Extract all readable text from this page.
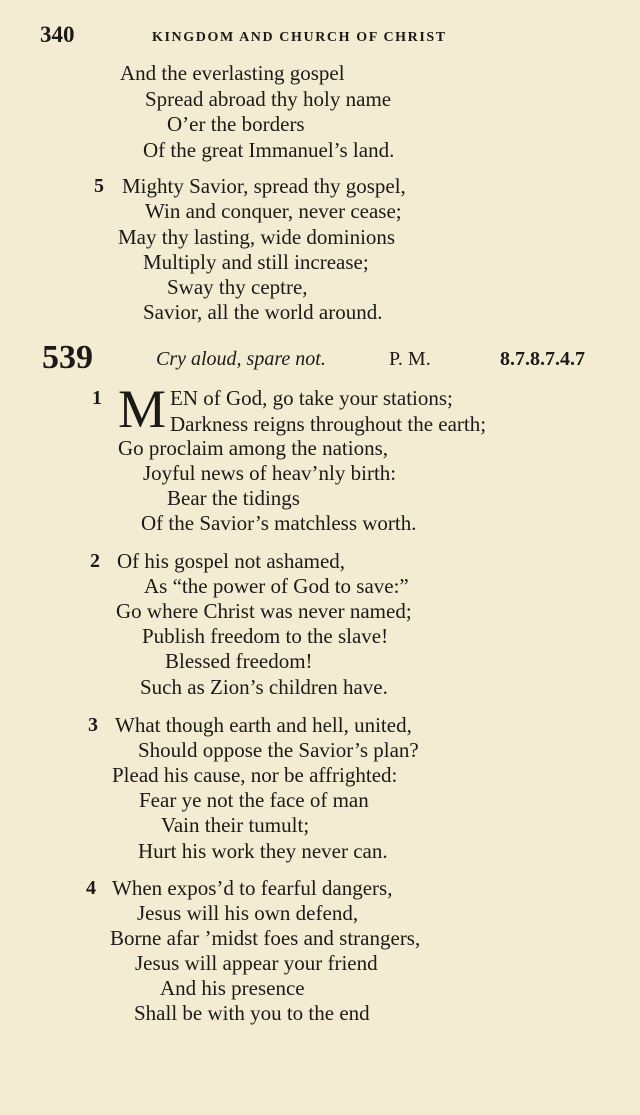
340	KINGDOM AND CHURCH OF CHRIST
And the everlasting gospel
Spread abroad thy holy name
O’er the borders
Of the great Immanuel’s land.
5 Mighty Savior, spread thy gospel,
Win and conquer, never cease;
May thy lasting, wide dominions
Multiply and still increase;
Sway thy ceptre,
Savior, all the world around.
539	Cry aloud, spare not.	P. M.	8.7.8.7.4.7
1 M EN of God, go take your stations;
Darkness reigns throughout the earth;
Go proclaim among the nations,
Joyful news of heav’nly birth:
Bear the tidings
Of the Savior’s matchless worth.
2 Of his gospel not ashamed,
As “the power of God to save:”
Go where Christ was never named;
Publish freedom to the slave!
Blessed freedom!
Such as Zion’s children have.
3 What though earth and hell, united,
Should oppose the Savior’s plan?
Plead his cause, nor be affrighted:
Fear ye not the face of man
Vain their tumult;
Hurt his work they never can.
4 When expos’d to fearful dangers,
Jesus will his own defend,
Borne afar ’midst foes and strangers,
Jesus will appear your friend
And his presence
Shall be with you to the end
